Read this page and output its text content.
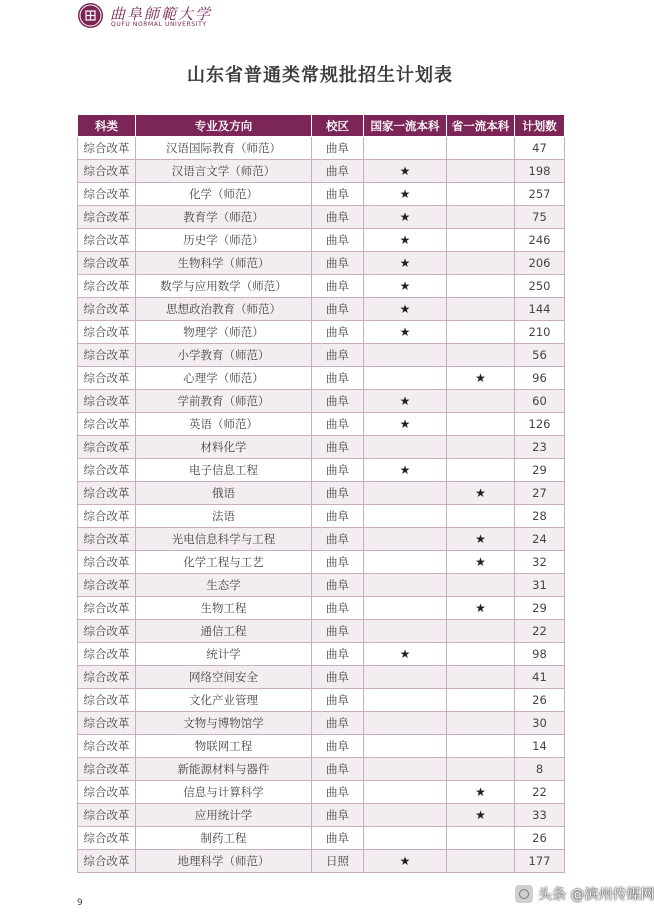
曲阜師範大学
QUFU NORMAL UNIVERSITY
山东省普通类常规批招生计划表
科类	专业及方向	校区	国家一流本科	省一流本科	计划数
综合改革	汉语国际教育（师范）	曲阜			47
综合改革	汉语言文学（师范）	曲阜	★		198
综合改革	化学（师范）	曲阜	★		257
综合改革	教育学（师范）	曲阜	★		75
综合改革	历史学（师范）	曲阜	★		246
综合改革	生物科学（师范）	曲阜	★		206
综合改革	数学与应用数学（师范）	曲阜	★		250
综合改革	思想政治教育（师范）	曲阜	★		144
综合改革	物理学（师范）	曲阜	★		210
综合改革	小学教育（师范）	曲阜			56
综合改革	心理学（师范）	曲阜		★	96
综合改革	学前教育（师范）	曲阜	★		60
综合改革	英语（师范）	曲阜	★		126
综合改革	材料化学	曲阜			23
综合改革	电子信息工程	曲阜	★		29
综合改革	俄语	曲阜		★	27
综合改革	法语	曲阜			28
综合改革	光电信息科学与工程	曲阜		★	24
综合改革	化学工程与工艺	曲阜		★	32
综合改革	生态学	曲阜			31
综合改革	生物工程	曲阜		★	29
综合改革	通信工程	曲阜			22
综合改革	统计学	曲阜	★		98
综合改革	网络空间安全	曲阜			41
综合改革	文化产业管理	曲阜			26
综合改革	文物与博物馆学	曲阜			30
综合改革	物联网工程	曲阜			14
综合改革	新能源材料与器件	曲阜			8
综合改革	信息与计算科学	曲阜		★	22
综合改革	应用统计学	曲阜		★	33
综合改革	制药工程	曲阜			26
综合改革	地理科学（师范）	日照	★		177
9	头条 @滨州传媒网
